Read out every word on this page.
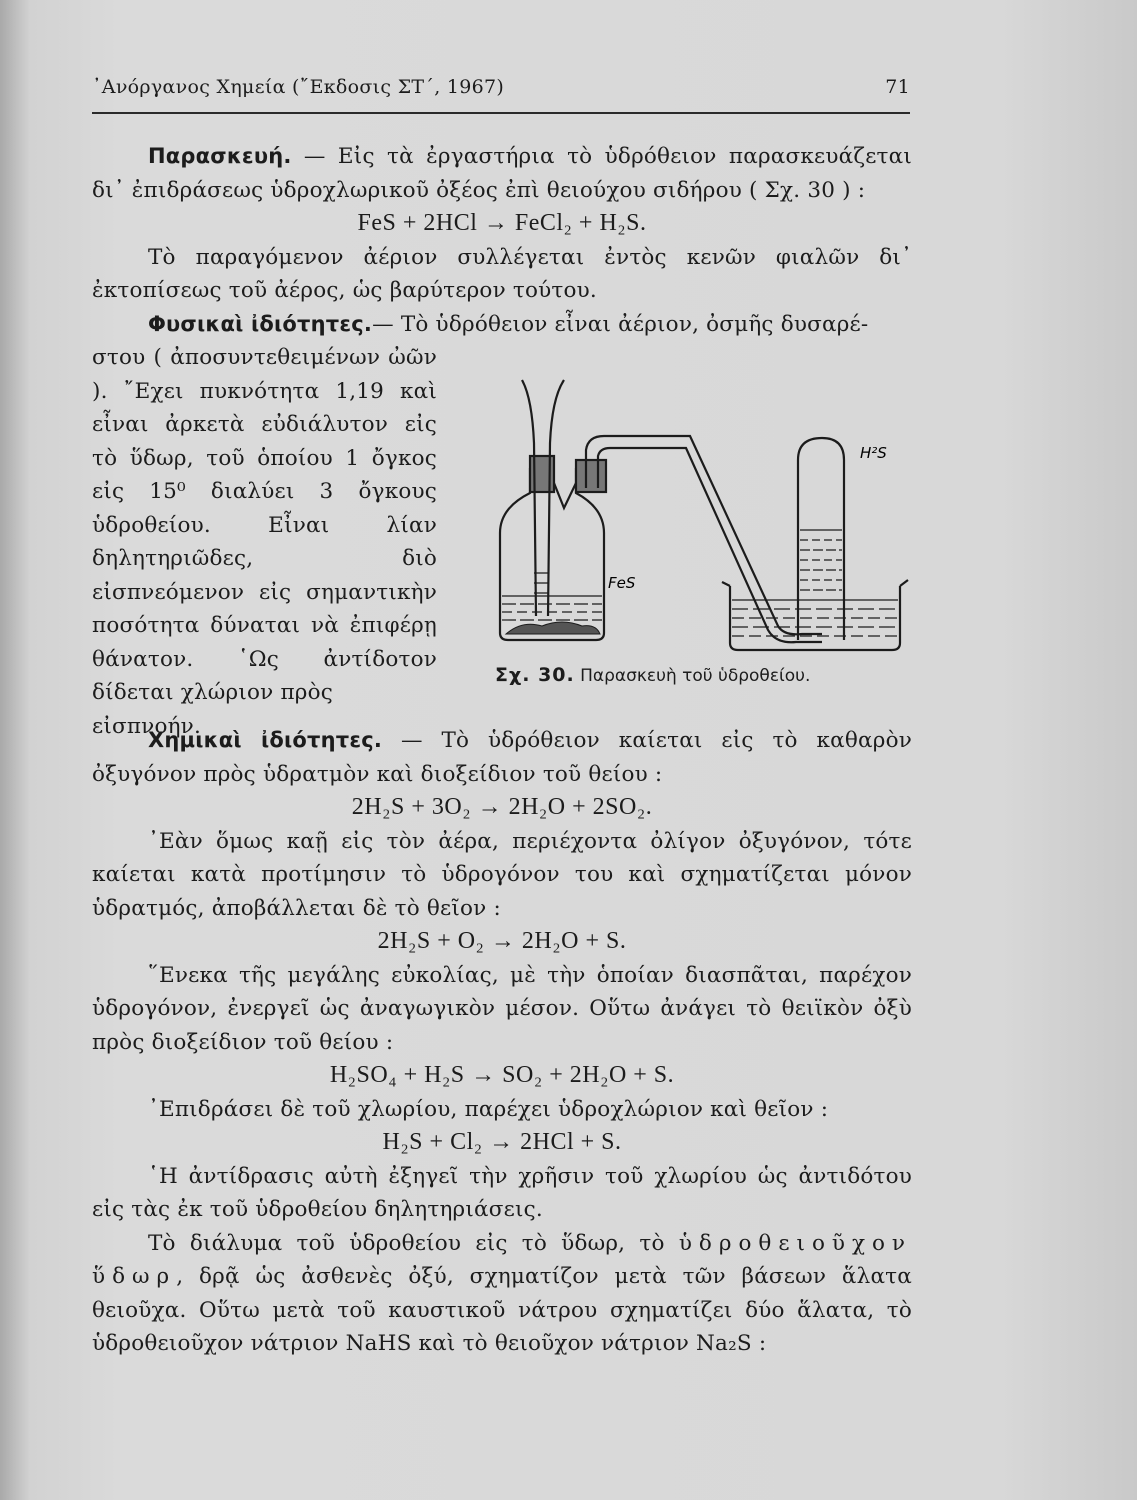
᾿Ανόργανος Χημεία (῎Εκδοσις ΣΤ΄, 1967)	71

Παρασκευή. — Εἰς τὰ ἐργαστήρια τὸ ὑδρόθειον παρασκευάζεται δι᾿ ἐπιδράσεως ὑδροχλωρικοῦ ὀξέος ἐπὶ θειούχου σιδήρου ( Σχ. 30 ) :

FeS + 2HCl → FeCl₂ + H₂S.

Τὸ παραγόμενον ἀέριον συλλέγεται ἐντὸς κενῶν φιαλῶν δι᾿ ἐκτοπίσεως τοῦ ἀέρος, ὡς βαρύτερον τούτου.

Φυσικαὶ ἰδιότητες.— Τὸ ὑδρόθειον εἶναι ἀέριον, ὀσμῆς δυσαρέ-

στου ( ἀποσυντεθειμένων ὠῶν ). ῎Εχει πυκνότητα 1,19 καὶ εἶναι ἀρκετὰ εὐδιάλυτον εἰς τὸ ὕδωρ, τοῦ ὁποίου 1 ὄγκος εἰς 15⁰ διαλύει 3 ὄγκους ὑδροθείου. Εἶναι λίαν δηλητηριῶδες, διὸ εἰσπνεόμενον εἰς σημαντικὴν ποσότητα δύναται νὰ ἐπιφέρῃ θάνατον. ῾Ως ἀντίδοτον δίδεται χλώριον πρὸς

εἰσπνοήν.

H²S
FeS
Σχ. 30. Παρασκευὴ τοῦ ὑδροθείου.

Χημικαὶ ἰδιότητες. — Τὸ ὑδρόθειον καίεται εἰς τὸ καθαρὸν ὀξυγόνον πρὸς ὑδρατμὸν καὶ διοξείδιον τοῦ θείου :

2H₂S + 3O₂ → 2H₂O + 2SO₂.

᾿Εὰν ὅμως καῇ εἰς τὸν ἀέρα, περιέχοντα ὀλίγον ὀξυγόνον, τότε καίεται κατὰ προτίμησιν τὸ ὑδρογόνον του καὶ σχηματίζεται μόνον ὑδρατμός, ἀποβάλλεται δὲ τὸ θεῖον :

2H₂S + O₂ → 2H₂O + S.

῞Ενεκα τῆς μεγάλης εὐκολίας, μὲ τὴν ὁποίαν διασπᾶται, παρέχον ὑδρογόνον, ἐνεργεῖ ὡς ἀναγωγικὸν μέσον. Οὕτω ἀνάγει τὸ θειϊκὸν ὀξὺ πρὸς διοξείδιον τοῦ θείου :

H₂SO₄ + H₂S → SO₂ + 2H₂O + S.

᾿Επιδράσει δὲ τοῦ χλωρίου, παρέχει ὑδροχλώριον καὶ θεῖον :

H₂S + Cl₂ → 2HCl + S.

῾Η ἀντίδρασις αὐτὴ ἐξηγεῖ τὴν χρῆσιν τοῦ χλωρίου ὡς ἀντιδότου εἰς τὰς ἐκ τοῦ ὑδροθείου δηλητηριάσεις.

Τὸ διάλυμα τοῦ ὑδροθείου εἰς τὸ ὕδωρ, τὸ ὑδροθειοῦχον ὕδωρ, δρᾷ ὡς ἀσθενὲς ὀξύ, σχηματίζον μετὰ τῶν βάσεων ἅλατα θειοῦχα. Οὕτω μετὰ τοῦ καυστικοῦ νάτρου σχηματίζει δύο ἅλατα, τὸ ὑδροθειοῦχον νάτριον NaHS καὶ τὸ θειοῦχον νάτριον Na₂S :
